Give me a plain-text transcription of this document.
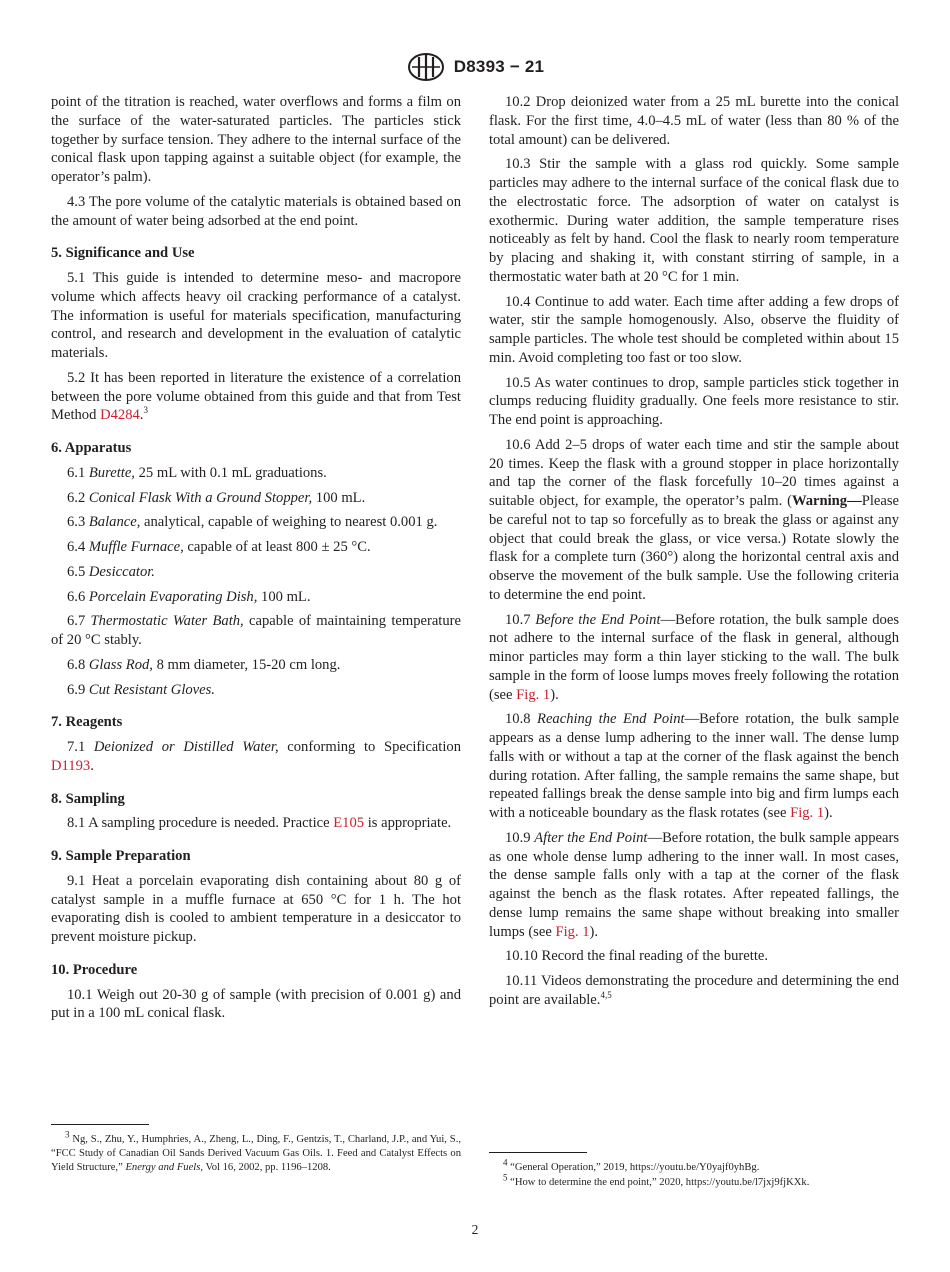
D8393 − 21

point of the titration is reached, water overflows and forms a film on the surface of the water-saturated particles. The particles stick together by surface tension. They adhere to the internal surface of the conical flask upon tapping against a suitable object (for example, the operator’s palm).

4.3 The pore volume of the catalytic materials is obtained based on the amount of water being adsorbed at the end point.

5. Significance and Use

5.1 This guide is intended to determine meso- and macropore volume which affects heavy oil cracking performance of a catalyst. The information is useful for materials specification, manufacturing control, and research and development in the evaluation of catalytic materials.

5.2 It has been reported in literature the existence of a correlation between the pore volume obtained from this guide and that from Test Method D4284.$^3$

6. Apparatus

6.1 Burette, 25 mL with 0.1 mL graduations.

6.2 Conical Flask With a Ground Stopper, 100 mL.

6.3 Balance, analytical, capable of weighing to nearest 0.001 g.

6.4 Muffle Furnace, capable of at least 800 ± 25 °C.

6.5 Desiccator.

6.6 Porcelain Evaporating Dish, 100 mL.

6.7 Thermostatic Water Bath, capable of maintaining temperature of 20 °C stably.

6.8 Glass Rod, 8 mm diameter, 15-20 cm long.

6.9 Cut Resistant Gloves.

7. Reagents

7.1 Deionized or Distilled Water, conforming to Specification D1193.

8. Sampling

8.1 A sampling procedure is needed. Practice E105 is appropriate.

9. Sample Preparation

9.1 Heat a porcelain evaporating dish containing about 80 g of catalyst sample in a muffle furnace at 650 °C for 1 h. The hot evaporating dish is cooled to ambient temperature in a desiccator to prevent moisture pickup.

10. Procedure

10.1 Weigh out 20-30 g of sample (with precision of 0.001 g) and put in a 100 mL conical flask.

10.2 Drop deionized water from a 25 mL burette into the conical flask. For the first time, 4.0–4.5 mL of water (less than 80 % of the total amount) can be delivered.

10.3 Stir the sample with a glass rod quickly. Some sample particles may adhere to the internal surface of the conical flask due to the electrostatic force. The adsorption of water on catalyst is exothermic. During water addition, the sample temperature rises noticeably as felt by hand. Cool the flask to nearly room temperature by placing and shaking it, with constant stirring of sample, in a thermostatic water bath at 20 °C for 1 min.

10.4 Continue to add water. Each time after adding a few drops of water, stir the sample homogenously. Also, observe the fluidity of sample particles. The whole test should be completed within about 15 min. Avoid completing too fast or too slow.

10.5 As water continues to drop, sample particles stick together in clumps reducing fluidity gradually. One feels more resistance to stir. The end point is approaching.

10.6 Add 2–5 drops of water each time and stir the sample about 20 times. Keep the flask with a ground stopper in place horizontally and tap the corner of the flask forcefully 10–20 times against a suitable object, for example, the operator’s palm. (Warning—Please be careful not to tap so forcefully as to break the glass or against any object that could break the glass, or vice versa.) Rotate slowly the flask for a complete turn (360°) along the horizontal central axis and observe the movement of the bulk sample. Use the following criteria to determine the end point.

10.7 Before the End Point—Before rotation, the bulk sample does not adhere to the internal surface of the flask in general, although minor particles may form a thin layer sticking to the wall. The bulk sample in the form of loose lumps moves freely following the rotation (see Fig. 1).

10.8 Reaching the End Point—Before rotation, the bulk sample appears as a dense lump adhering to the inner wall. The dense lump falls with or without a tap at the corner of the flask against the bench during rotation. After falling, the sample remains the same shape, but repeated fallings break the dense sample into big and firm lumps each with a noticeable boundary as the flask rotates (see Fig. 1).

10.9 After the End Point—Before rotation, the bulk sample appears as one whole dense lump adhering to the inner wall. In most cases, the dense sample falls only with a tap at the corner of the flask against the bench as the flask rotates. After repeated fallings, the dense lump remains the same shape without breaking into smaller lumps (see Fig. 1).

10.10 Record the final reading of the burette.

10.11 Videos demonstrating the procedure and determining the end point are available.$^{4,5}$

$^3$ Ng, S., Zhu, Y., Humphries, A., Zheng, L., Ding, F., Gentzis, T., Charland, J.P., and Yui, S., “FCC Study of Canadian Oil Sands Derived Vacuum Gas Oils. 1. Feed and Catalyst Effects on Yield Structure,” Energy and Fuels, Vol 16, 2002, pp. 1196–1208.	$^4$ “General Operation,” 2019, https://youtu.be/Y0yajf0yhBg.

$^5$ “How to determine the end point,” 2020, https://youtu.be/l7jxj9fjKXk.

2
